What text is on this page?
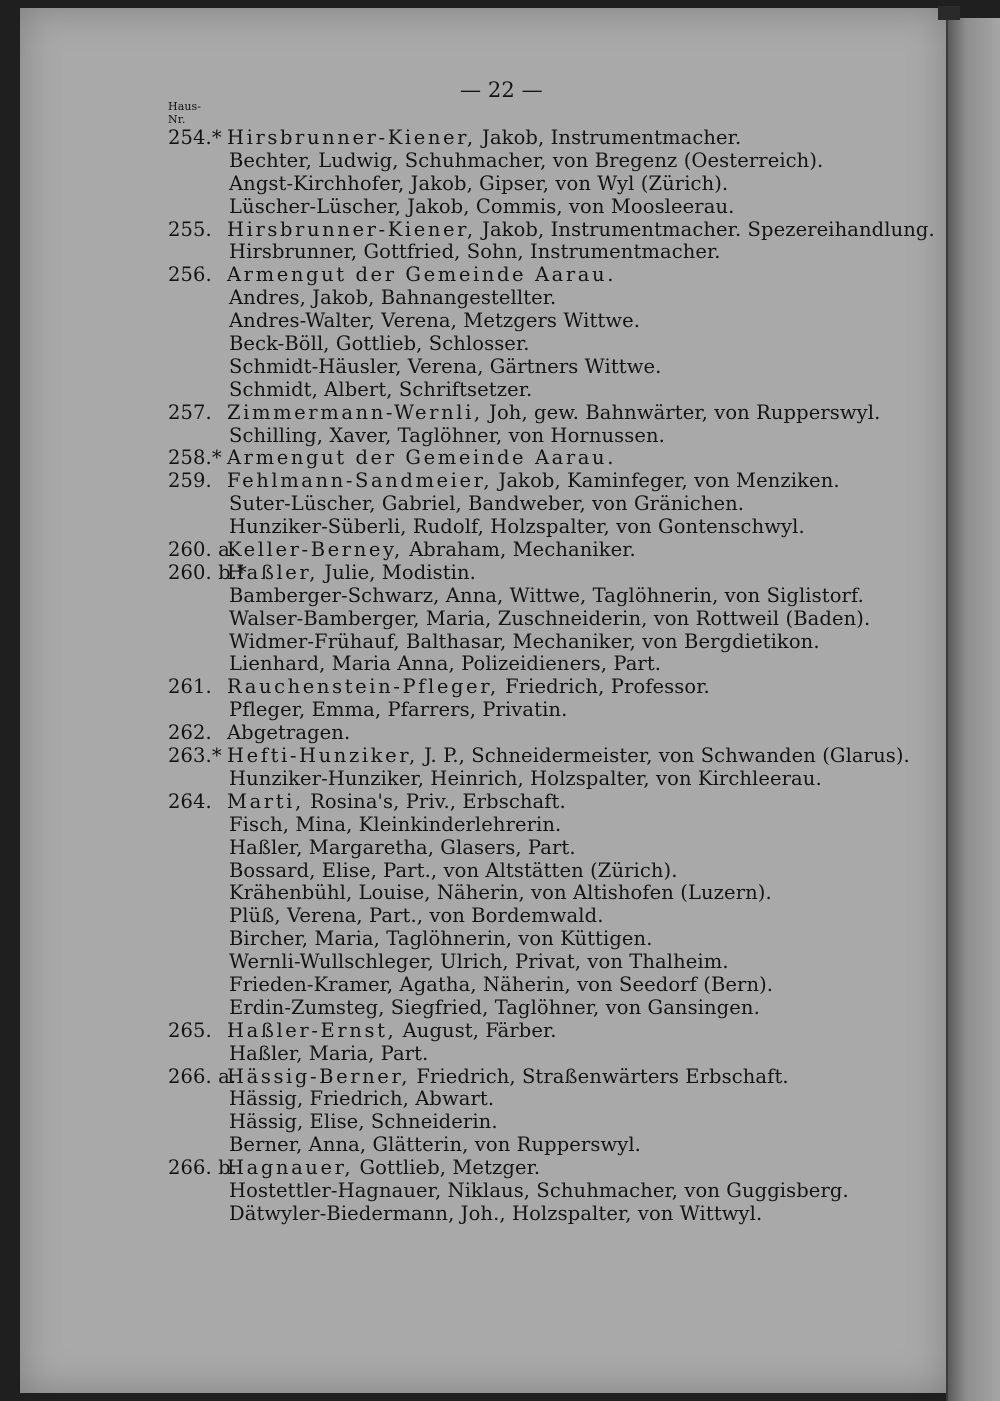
— 22 —
Haus-
Nr.
254.* Hirsbrunner-Kiener, Jakob, Instrumentmacher.
Bechter, Ludwig, Schuhmacher, von Bregenz (Oesterreich).
Angst-Kirchhofer, Jakob, Gipser, von Wyl (Zürich).
Lüscher-Lüscher, Jakob, Commis, von Moosleerau.
255. Hirsbrunner-Kiener, Jakob, Instrumentmacher. Spezereihandlung.
Hirsbrunner, Gottfried, Sohn, Instrumentmacher.
256. Armengut der Gemeinde Aarau.
Andres, Jakob, Bahnangestellter.
Andres-Walter, Verena, Metzgers Wittwe.
Beck-Böll, Gottlieb, Schlosser.
Schmidt-Häusler, Verena, Gärtners Wittwe.
Schmidt, Albert, Schriftsetzer.
257. Zimmermann-Wernli, Joh, gew. Bahnwärter, von Rupperswyl.
Schilling, Xaver, Taglöhner, von Hornussen.
258.* Armengut der Gemeinde Aarau.
259. Fehlmann-Sandmeier, Jakob, Kaminfeger, von Menziken.
Suter-Lüscher, Gabriel, Bandweber, von Gränichen.
Hunziker-Süberli, Rudolf, Holzspalter, von Gontenschwyl.
260. a.
Keller-Berney, Abraham, Mechaniker.
260. b.*
Haßler, Julie, Modistin.
Bamberger-Schwarz, Anna, Wittwe, Taglöhnerin, von Siglistorf.
Walser-Bamberger, Maria, Zuschneiderin, von Rottweil (Baden).
Widmer-Frühauf, Balthasar, Mechaniker, von Bergdietikon.
Lienhard, Maria Anna, Polizeidieners, Part.
261. Rauchenstein-Pfleger, Friedrich, Professor.
Pfleger, Emma, Pfarrers, Privatin.
262. Abgetragen.
263.* Hefti-Hunziker, J. P., Schneidermeister, von Schwanden (Glarus).
Hunziker-Hunziker, Heinrich, Holzspalter, von Kirchleerau.
264. Marti, Rosina's, Priv., Erbschaft.
Fisch, Mina, Kleinkinderlehrerin.
Haßler, Margaretha, Glasers, Part.
Bossard, Elise, Part., von Altstätten (Zürich).
Krähenbühl, Louise, Näherin, von Altishofen (Luzern).
Plüß, Verena, Part., von Bordemwald.
Bircher, Maria, Taglöhnerin, von Küttigen.
Wernli-Wullschleger, Ulrich, Privat, von Thalheim.
Frieden-Kramer, Agatha, Näherin, von Seedorf (Bern).
Erdin-Zumsteg, Siegfried, Taglöhner, von Gansingen.
265. Haßler-Ernst, August, Färber.
Haßler, Maria, Part.
266. a.
Hässig-Berner, Friedrich, Straßenwärters Erbschaft.
Hässig, Friedrich, Abwart.
Hässig, Elise, Schneiderin.
Berner, Anna, Glätterin, von Rupperswyl.
266. b.
Hagnauer, Gottlieb, Metzger.
Hostettler-Hagnauer, Niklaus, Schuhmacher, von Guggisberg.
Dätwyler-Biedermann, Joh., Holzspalter, von Wittwyl.
